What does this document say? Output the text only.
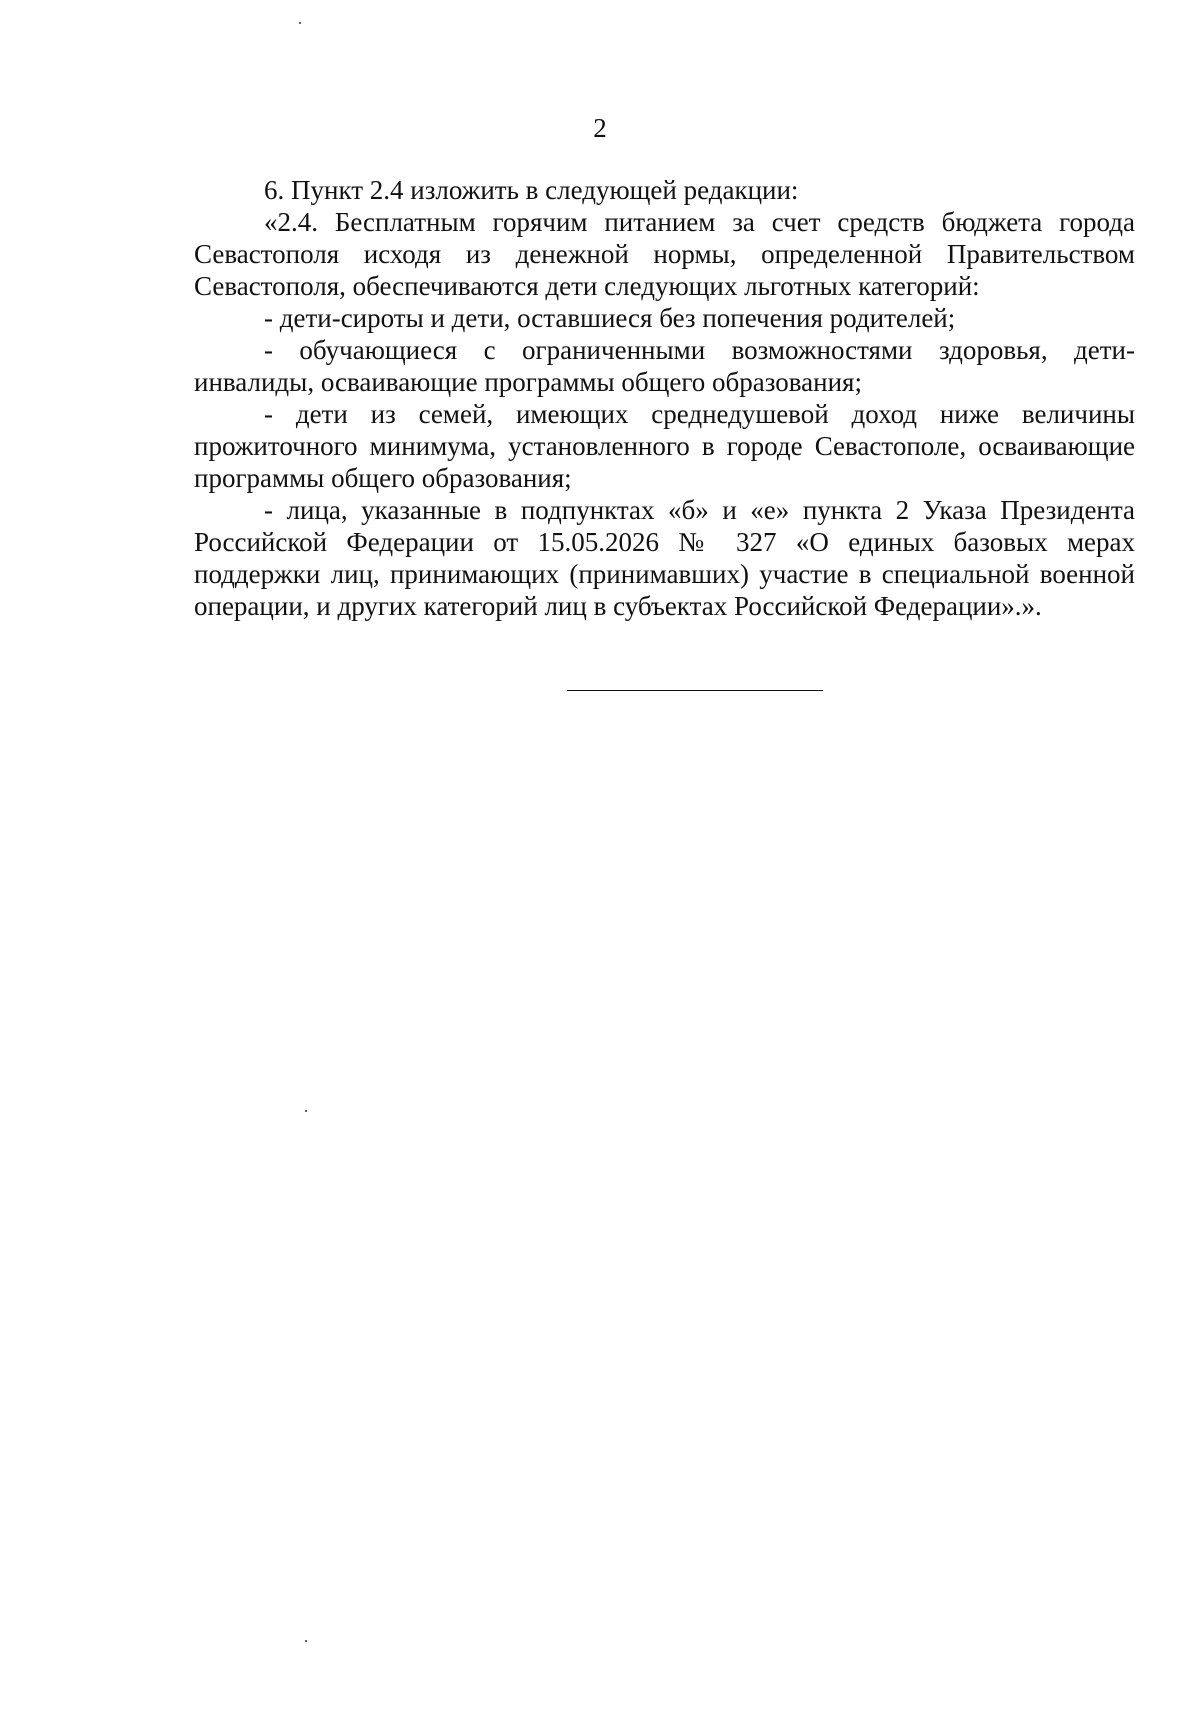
2

6. Пункт 2.4 изложить в следующей редакции:

«2.4. Бесплатным горячим питанием за счет средств бюджета города Севастополя исходя из денежной нормы, определенной Правительством Севастополя, обеспечиваются дети следующих льготных категорий:

- дети-сироты и дети, оставшиеся без попечения родителей;

- обучающиеся с ограниченными возможностями здоровья, дети-инвалиды, осваивающие программы общего образования;

- дети из семей, имеющих среднедушевой доход ниже величины прожиточного минимума, установленного в городе Севастополе, осваивающие программы общего образования;

- лица, указанные в подпунктах «б» и «е» пункта 2 Указа Президента Российской Федерации от 15.05.2026 № 327 «О единых базовых мерах поддержки лиц, принимающих (принимавших) участие в специальной военной операции, и других категорий лиц в субъектах Российской Федерации».».
